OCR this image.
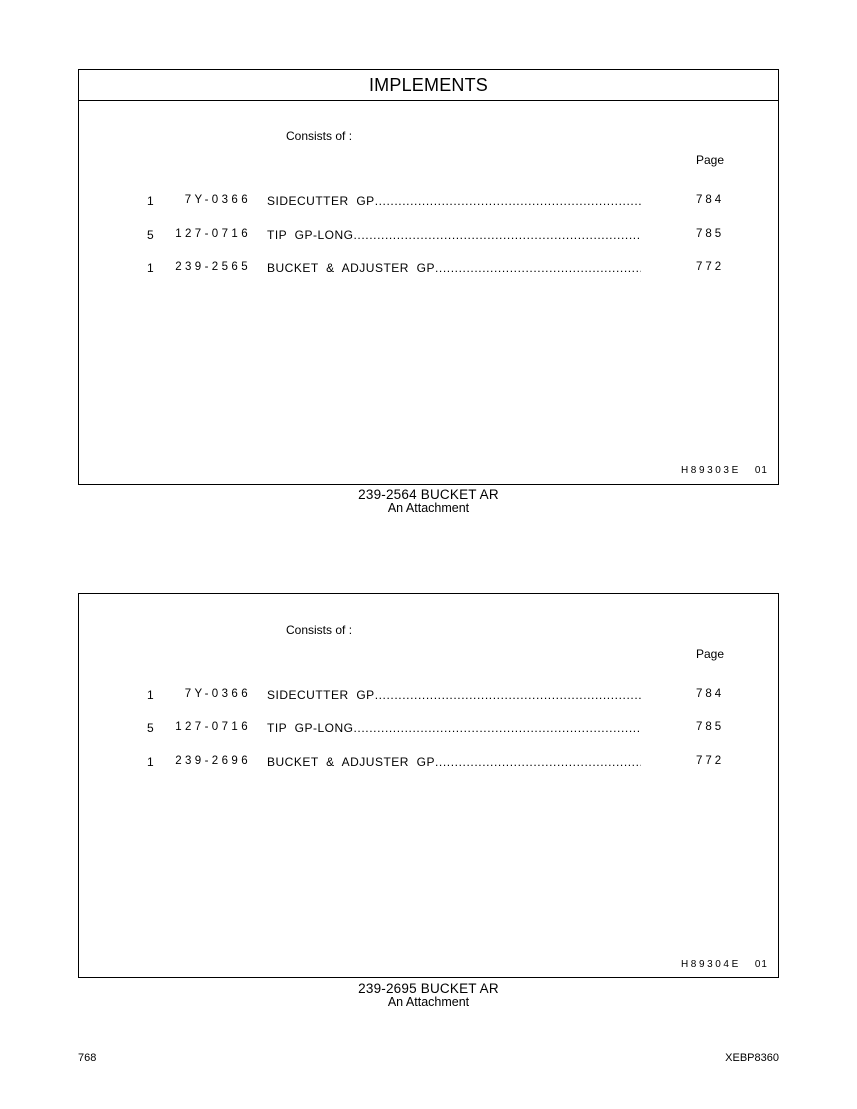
IMPLEMENTS
Consists of :
Page
1	7Y-0366 SIDECUTTER  GP .....	784
5 127-0716 TIP  GP-LONG .....	785
1 239-2565 BUCKET  &  ADJUSTER  GP .....	772
H89303E 01
239-2564 BUCKET AR
An Attachment
Consists of :
Page
1	7Y-0366 SIDECUTTER  GP .....	784
5 127-0716 TIP  GP-LONG .....	785
1 239-2696 BUCKET  &  ADJUSTER  GP .....	772
H89304E 01
239-2695 BUCKET AR
An Attachment
768	XEBP8360
